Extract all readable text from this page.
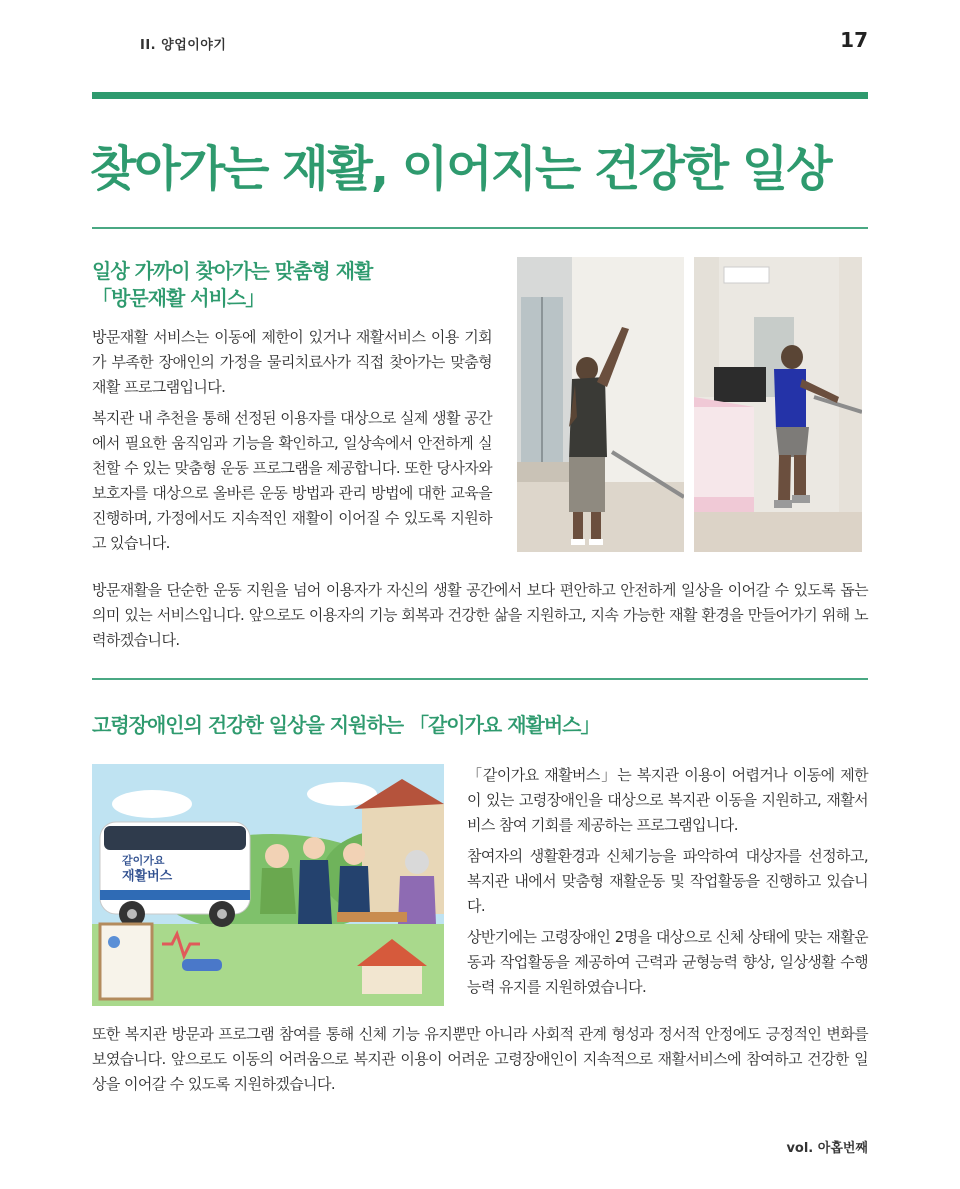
II. 양업이야기	17
찾아가는 재활, 이어지는 건강한 일상
일상 가까이 찾아가는 맞춤형 재활
「방문재활 서비스」

방문재활 서비스는 이동에 제한이 있거나 재활서비스 이용 기회가 부족한 장애인의 가정을 물리치료사가 직접 찾아가는 맞춤형 재활 프로그램입니다.

복지관 내 추천을 통해 선정된 이용자를 대상으로 실제 생활 공간에서 필요한 움직임과 기능을 확인하고, 일상속에서 안전하게 실천할 수 있는 맞춤형 운동 프로그램을 제공합니다. 또한 당사자와 보호자를 대상으로 올바른 운동 방법과 관리 방법에 대한 교육을 진행하며, 가정에서도 지속적인 재활이 이어질 수 있도록 지원하고 있습니다.

방문재활을 단순한 운동 지원을 넘어 이용자가 자신의 생활 공간에서 보다 편안하고 안전하게 일상을 이어갈 수 있도록 돕는 의미 있는 서비스입니다. 앞으로도 이용자의 기능 회복과 건강한 삶을 지원하고, 지속 가능한 재활 환경을 만들어가기 위해 노력하겠습니다.

고령장애인의 건강한 일상을 지원하는 「같이가요 재활버스」
같이가요
재활버스

「같이가요 재활버스」는 복지관 이용이 어렵거나 이동에 제한이 있는 고령장애인을 대상으로 복지관 이동을 지원하고, 재활서비스 참여 기회를 제공하는 프로그램입니다.

참여자의 생활환경과 신체기능을 파악하여 대상자를 선정하고, 복지관 내에서 맞춤형 재활운동 및 작업활동을 진행하고 있습니다.

상반기에는 고령장애인 2명을 대상으로 신체 상태에 맞는 재활운동과 작업활동을 제공하여 근력과 균형능력 향상, 일상생활 수행 능력 유지를 지원하였습니다.

또한 복지관 방문과 프로그램 참여를 통해 신체 기능 유지뿐만 아니라 사회적 관계 형성과 정서적 안정에도 긍정적인 변화를 보였습니다. 앞으로도 이동의 어려움으로 복지관 이용이 어려운 고령장애인이 지속적으로 재활서비스에 참여하고 건강한 일상을 이어갈 수 있도록 지원하겠습니다.

vol. 아홉번째
